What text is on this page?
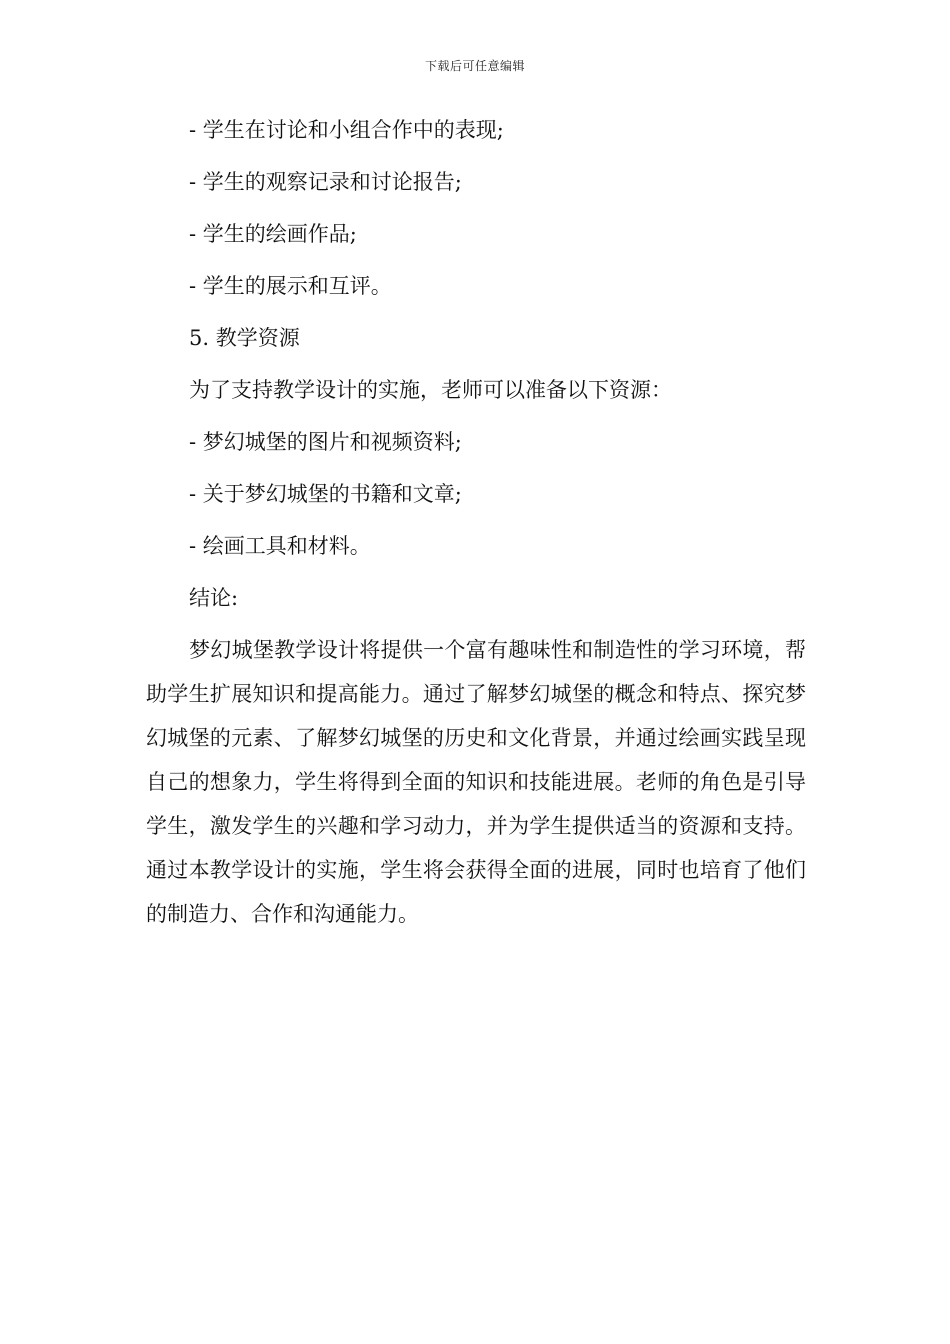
下载后可任意编辑
- 学生在讨论和小组合作中的表现;
- 学生的观察记录和讨论报告;
- 学生的绘画作品;
- 学生的展示和互评。
5. 教学资源
为了支持教学设计的实施，老师可以准备以下资源：
- 梦幻城堡的图片和视频资料;
- 关于梦幻城堡的书籍和文章;
- 绘画工具和材料。
结论:

梦幻城堡教学设计将提供一个富有趣味性和制造性的学习环境，帮助学生扩展知识和提高能力。通过了解梦幻城堡的概念和特点、探究梦幻城堡的元素、了解梦幻城堡的历史和文化背景，并通过绘画实践呈现自己的想象力，学生将得到全面的知识和技能进展。老师的角色是引导学生，激发学生的兴趣和学习动力，并为学生提供适当的资源和支持。通过本教学设计的实施，学生将会获得全面的进展，同时也培育了他们的制造力、合作和沟通能力。
